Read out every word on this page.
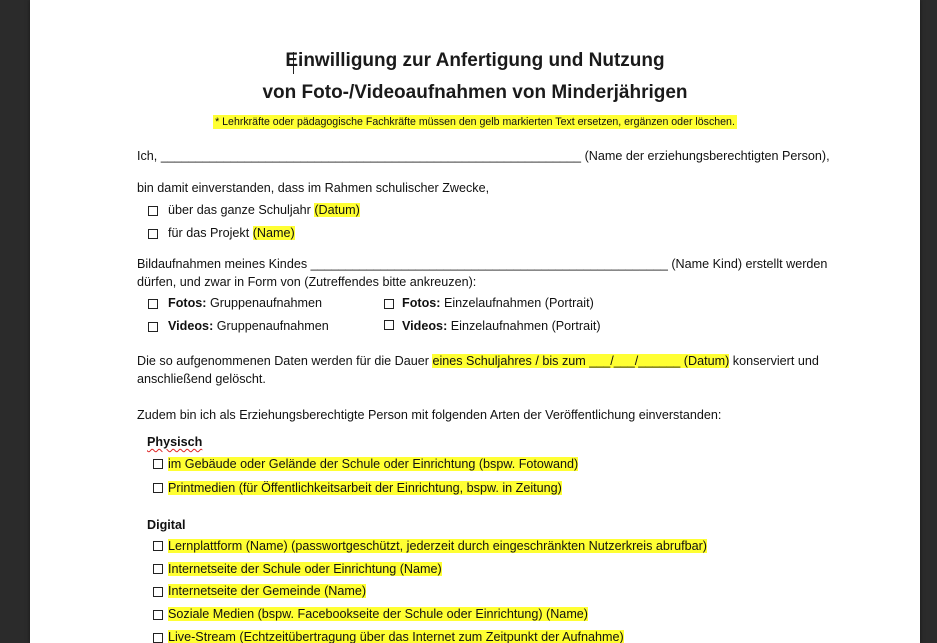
Einwilligung zur Anfertigung und Nutzung
von Foto-/Videoaufnahmen von Minderjährigen
* Lehrkräfte oder pädagogische Fachkräfte müssen den gelb markierten Text ersetzen, ergänzen oder löschen.
Ich, ____________________________________________________________ (Name der erziehungsberechtigten Person),
bin damit einverstanden, dass im Rahmen schulischer Zwecke,
über das ganze Schuljahr (Datum)
für das Projekt (Name)
Bildaufnahmen meines Kindes ___________________________________________________ (Name Kind) erstellt werden
dürfen, und zwar in Form von (Zutreffendes bitte ankreuzen):
Fotos: Gruppenaufnahmen	Fotos: Einzelaufnahmen (Portrait)
Videos: Gruppenaufnahmen	Videos: Einzelaufnahmen (Portrait)
Die so aufgenommenen Daten werden für die Dauer eines Schuljahres / bis zum ___/___/______ (Datum) konserviert und
anschließend gelöscht.
Zudem bin ich als Erziehungsberechtigte Person mit folgenden Arten der Veröffentlichung einverstanden:
Physisch
im Gebäude oder Gelände der Schule oder Einrichtung (bspw. Fotowand)
Printmedien (für Öffentlichkeitsarbeit der Einrichtung, bspw. in Zeitung)
Digital
Lernplattform (Name) (passwortgeschützt, jederzeit durch eingeschränkten Nutzerkreis abrufbar)
Internetseite der Schule oder Einrichtung (Name)
Internetseite der Gemeinde (Name)
Soziale Medien (bspw. Facebookseite der Schule oder Einrichtung) (Name)
Live-Stream (Echtzeitübertragung über das Internet zum Zeitpunkt der Aufnahme)
